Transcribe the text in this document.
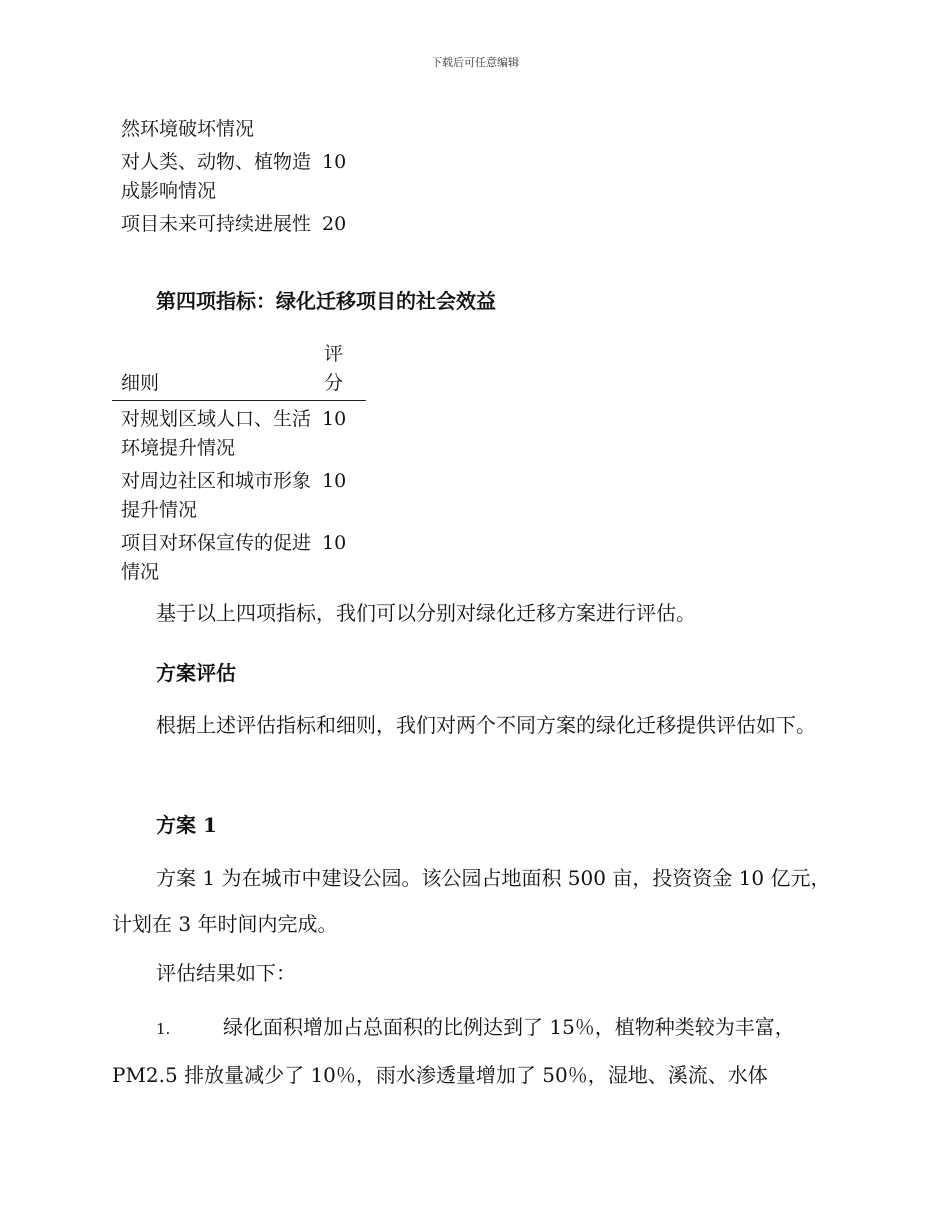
下载后可任意编辑
然环境破坏情况
对人类、动物、植物造成影响情况
10
项目未来可持续进展性 20
第四项指标：绿化迁移项目的社会效益
细则
评分
对规划区域人口、生活环境提升情况
10
对周边社区和城市形象提升情况
10
项目对环保宣传的促进情况
10

基于以上四项指标，我们可以分别对绿化迁移方案进行评估。

方案评估

根据上述评估指标和细则，我们对两个不同方案的绿化迁移提供评估如下。

方案 1

方案 1 为在城市中建设公园。该公园占地面积 500 亩，投资资金 10 亿元，计划在 3 年时间内完成。

评估结果如下：

1.	绿化面积增加占总面积的比例达到了 15％，植物种类较为丰富，PM2.5 排放量减少了 10％，雨水渗透量增加了 50％，湿地、溪流、水体
